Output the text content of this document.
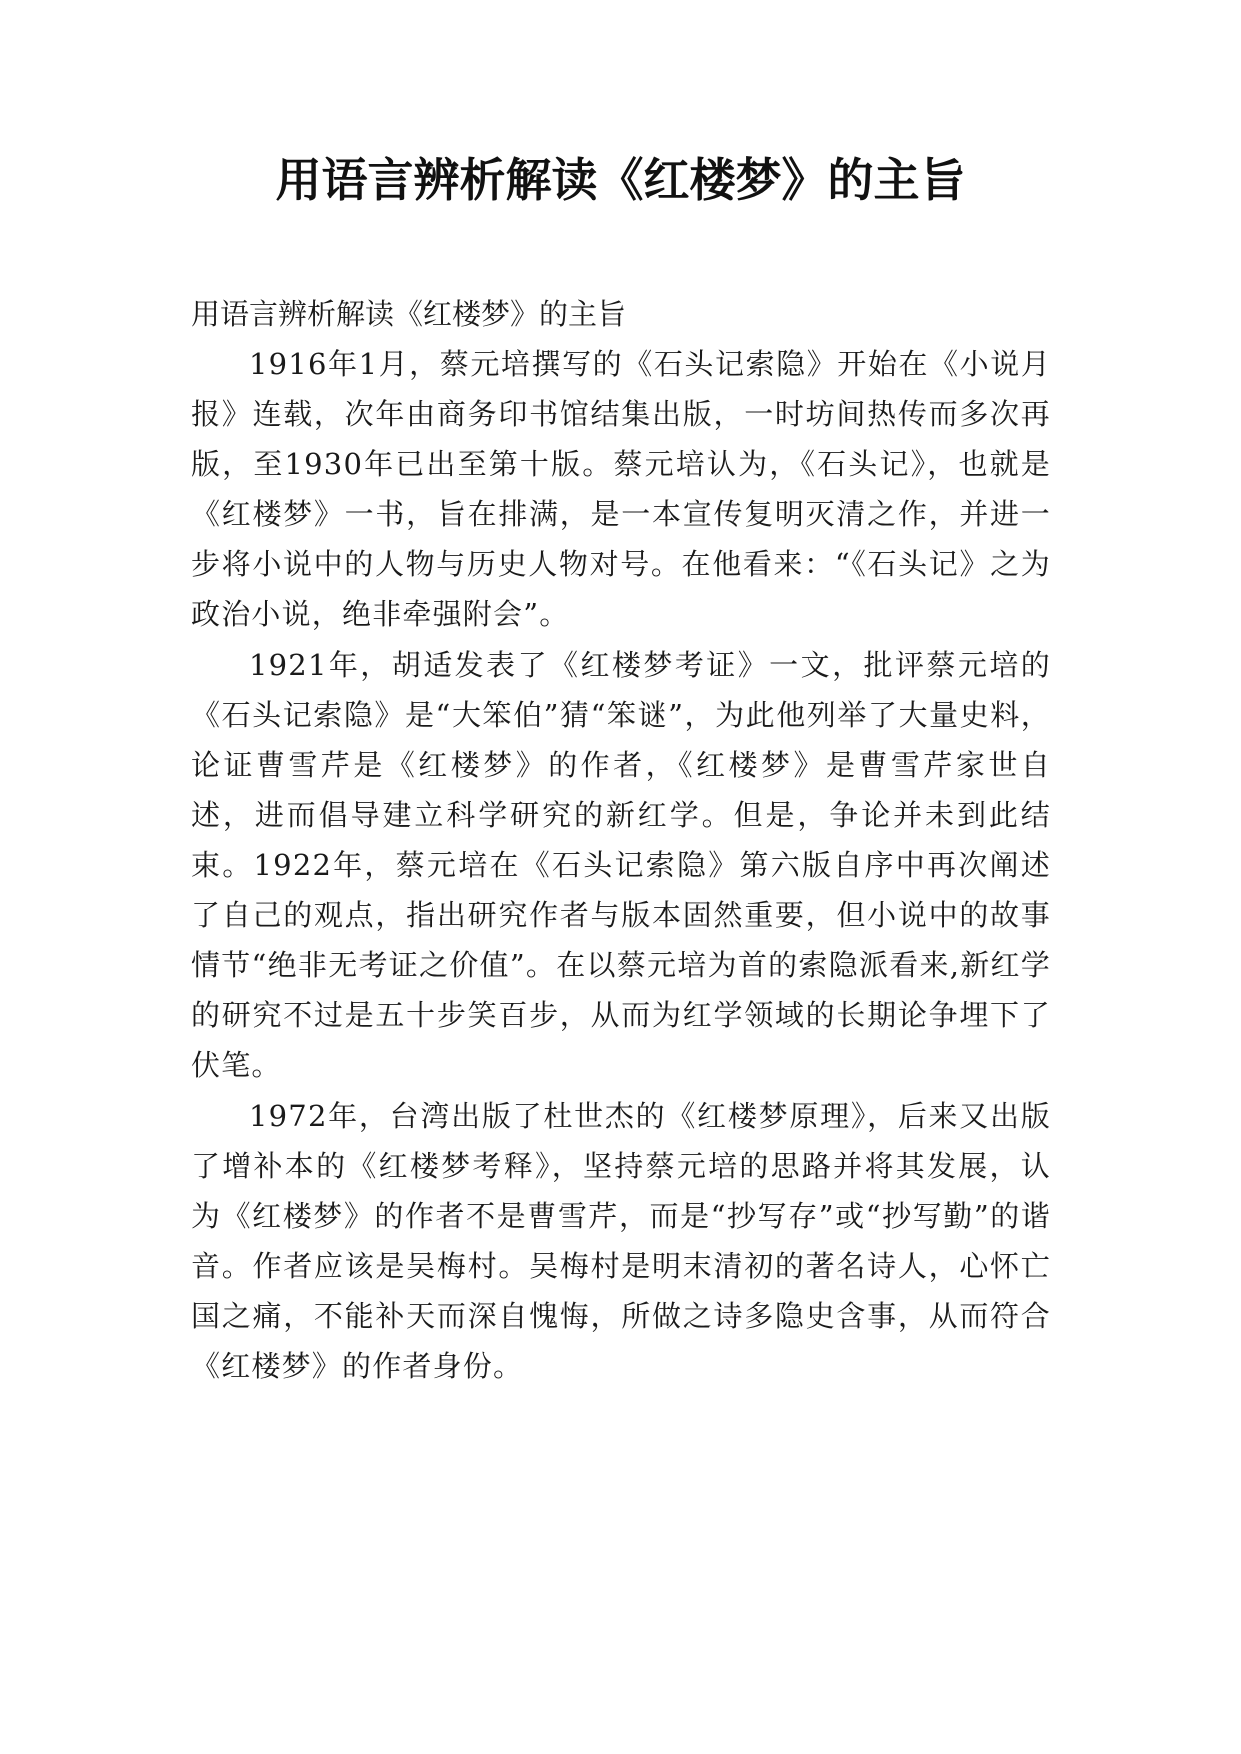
用语言辨析解读《红楼梦》的主旨

用语言辨析解读《红楼梦》的主旨

1916年1月，蔡元培撰写的《石头记索隐》开始在《小说月报》连载，次年由商务印书馆结集出版，一时坊间热传而多次再版，至1930年已出至第十版。蔡元培认为，《石头记》，也就是《红楼梦》一书，旨在排满，是一本宣传复明灭清之作，并进一步将小说中的人物与历史人物对号。在他看来：“《石头记》之为政治小说，绝非牵强附会”。

1921年，胡适发表了《红楼梦考证》一文，批评蔡元培的《石头记索隐》是“大笨伯”猜“笨谜”，为此他列举了大量史料，论证曹雪芹是《红楼梦》的作者，《红楼梦》是曹雪芹家世自述，进而倡导建立科学研究的新红学。但是，争论并未到此结束。1922年，蔡元培在《石头记索隐》第六版自序中再次阐述了自己的观点，指出研究作者与版本固然重要，但小说中的故事情节“绝非无考证之价值”。在以蔡元培为首的索隐派看来,新红学的研究不过是五十步笑百步，从而为红学领域的长期论争埋下了伏笔。

1972年，台湾出版了杜世杰的《红楼梦原理》，后来又出版了增补本的《红楼梦考释》，坚持蔡元培的思路并将其发展，认为《红楼梦》的作者不是曹雪芹，而是“抄写存”或“抄写勤”的谐音。作者应该是吴梅村。吴梅村是明末清初的著名诗人，心怀亡国之痛，不能补天而深自愧悔，所做之诗多隐史含事，从而符合《红楼梦》的作者身份。
